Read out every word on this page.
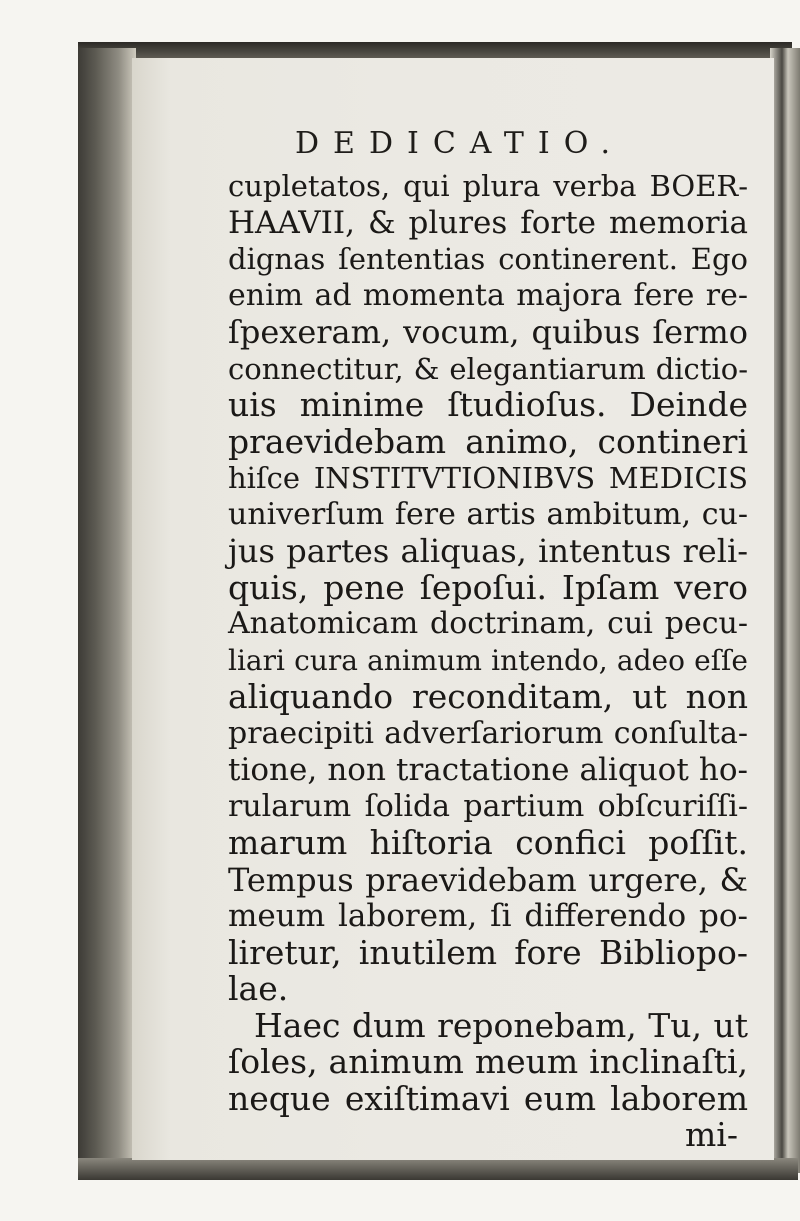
DEDICATIO.
cupletatos, qui plura verba BOER-
HAAVII, & plures forte memoria
dignas ſententias continerent. Ego
enim ad momenta majora fere re-
ſpexeram, vocum, quibus ſermo
connectitur, & elegantiarum dictio-
uis minime ſtudioſus. Deinde
praevidebam animo, contineri
hiſce INSTITVTIONIBVS MEDICIS
univerſum fere artis ambitum, cu-
jus partes aliquas, intentus reli-
quis, pene ſepoſui. Ipſam vero
Anatomicam doctrinam, cui pecu-
liari cura animum intendo, adeo eſſe
aliquando reconditam, ut non
praecipiti adverſariorum conſulta-
tione, non tractatione aliquot ho-
rularum ſolida partium obſcuriſſi-
marum hiſtoria confici poſſit.
Tempus praevidebam urgere, &
meum laborem, ſi differendo po-
liretur, inutilem fore Bibliopo-
lae.
Haec dum reponebam, Tu, ut
ſoles, animum meum inclinaſti,
neque exiſtimavi eum laborem
mi-
